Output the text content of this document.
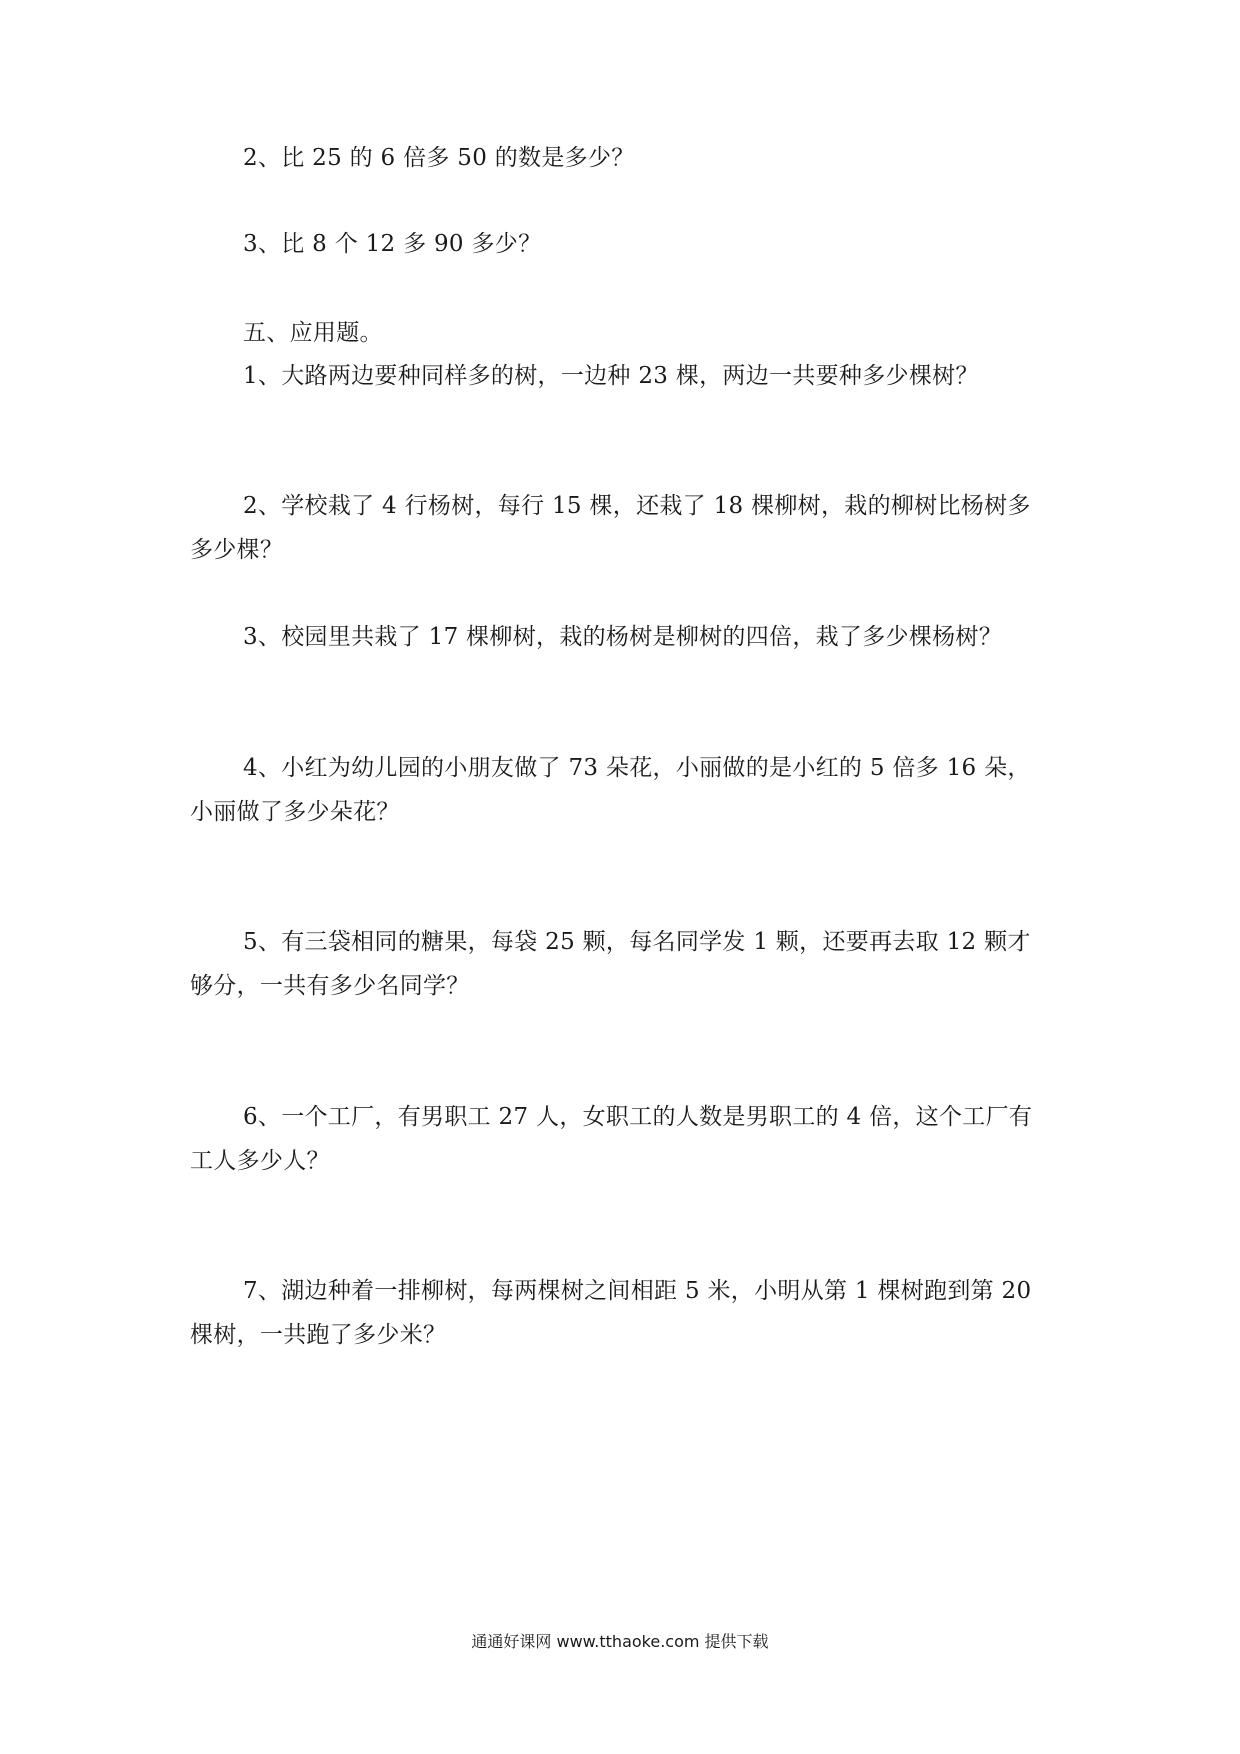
2、比 25 的 6 倍多 50 的数是多少？
3、比 8 个 12 多 90 多少？
五、应用题。
1、大路两边要种同样多的树，一边种 23 棵，两边一共要种多少棵树？
2、学校栽了 4 行杨树，每行 15 棵，还栽了 18 棵柳树，栽的柳树比杨树多
多少棵？
3、校园里共栽了 17 棵柳树，栽的杨树是柳树的四倍，栽了多少棵杨树？
4、小红为幼儿园的小朋友做了 73 朵花，小丽做的是小红的 5 倍多 16 朵，
小丽做了多少朵花？
5、有三袋相同的糖果，每袋 25 颗，每名同学发 1 颗，还要再去取 12 颗才
够分，一共有多少名同学？
6、一个工厂，有男职工 27 人，女职工的人数是男职工的 4 倍，这个工厂有
工人多少人？
7、湖边种着一排柳树，每两棵树之间相距 5 米，小明从第 1 棵树跑到第 20
棵树，一共跑了多少米？
通通好课网 www.tthaoke.com 提供下载
